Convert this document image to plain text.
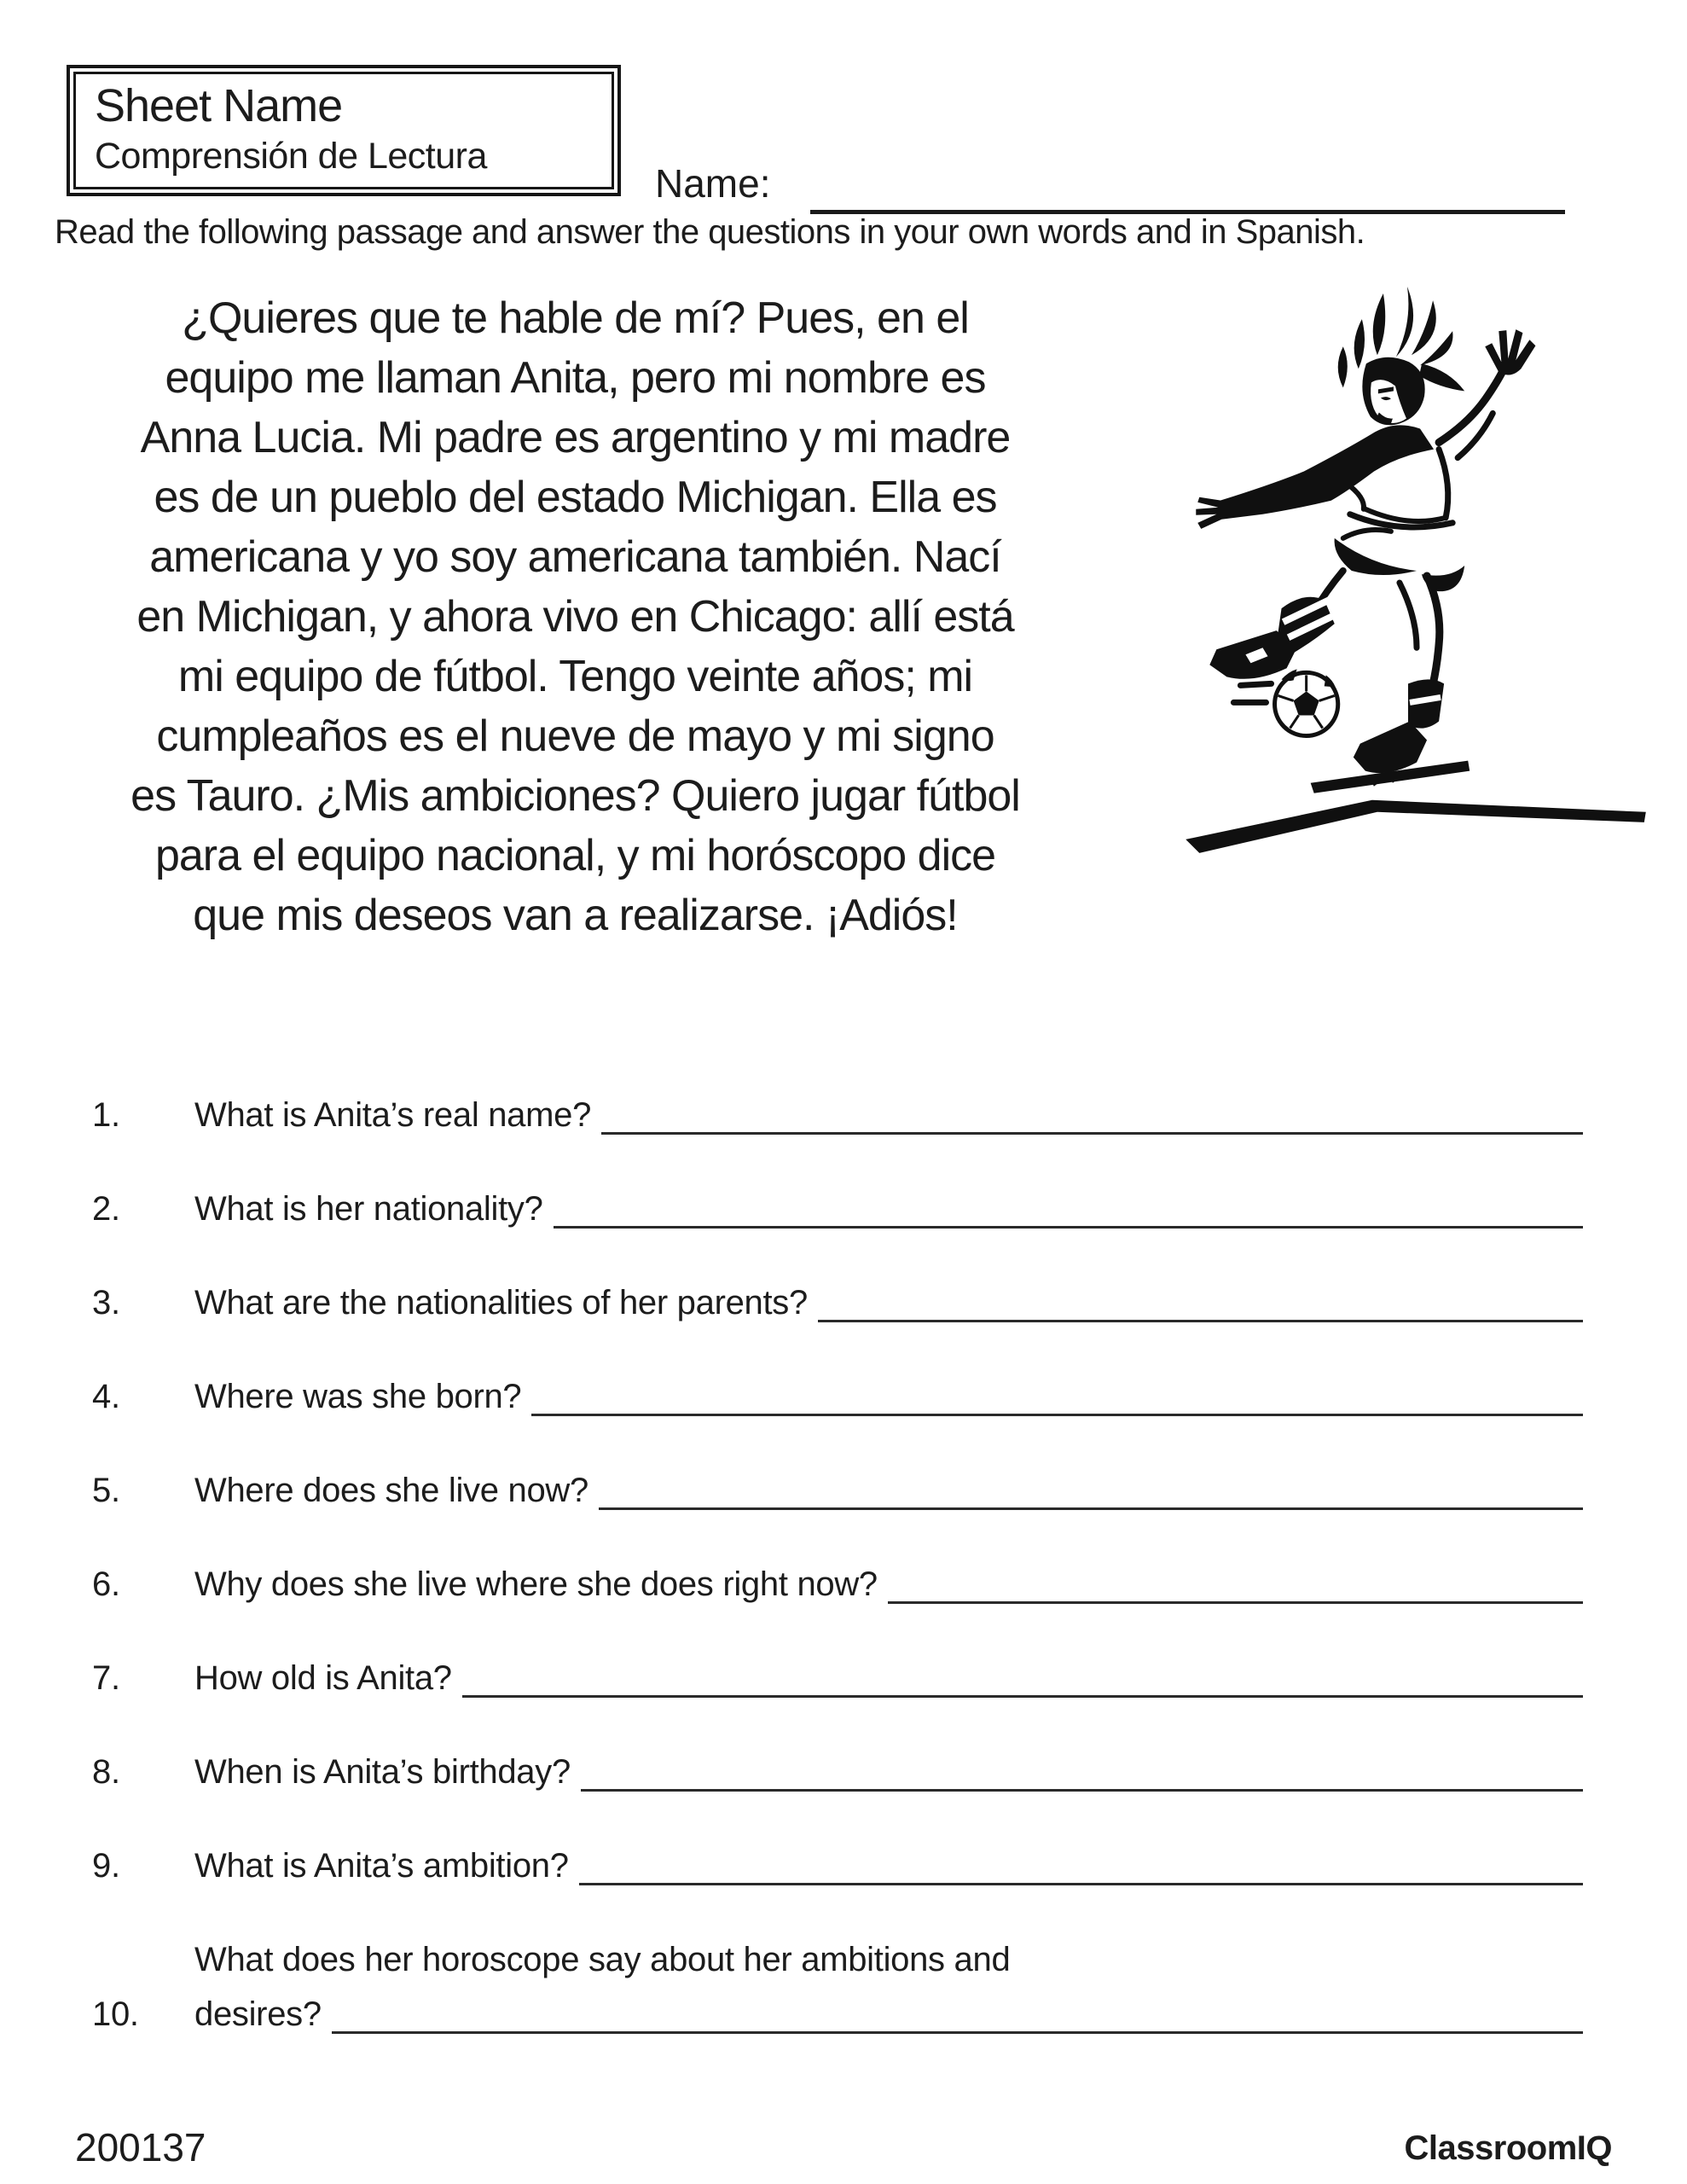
Sheet Name
Comprensión de Lectura
Name:
Read the following passage and answer the questions in your own words and in Spanish.
¿Quieres que te hable de mí? Pues, en el
equipo me llaman Anita, pero mi nombre es
Anna Lucia. Mi padre es argentino y mi madre
es de un pueblo del estado Michigan. Ella es
americana y yo soy americana también. Nací
en Michigan, y ahora vivo en Chicago: allí está
mi equipo de fútbol. Tengo veinte años; mi
cumpleaños es el nueve de mayo y mi signo
es Tauro. ¿Mis ambiciones? Quiero jugar fútbol
para el equipo nacional, y mi horóscopo dice
que mis deseos van a realizarse. ¡Adiós!
1.	What is Anita’s real name?
2.	What is her nationality?
3.	What are the nationalities of her parents?
4.	Where was she born?
5.	Where does she live now?
6.	Why does she live where she does right now?
7.	How old is Anita?
8.	When is Anita’s birthday?
9.	What is Anita’s ambition?
10.
What does her horoscope say about her ambitions and
desires?
200137	ClassroomIQ
